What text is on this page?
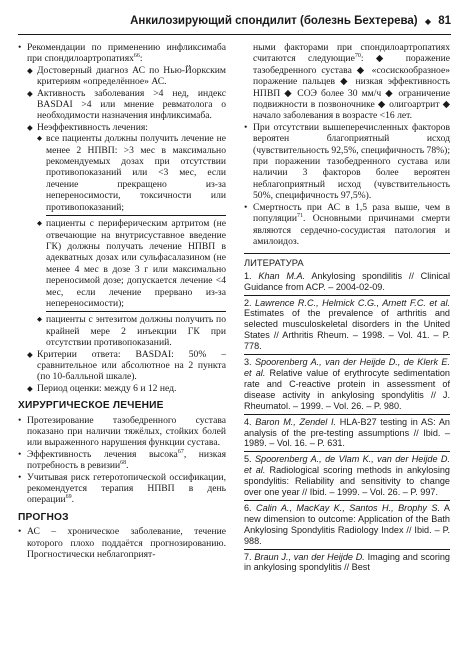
Анкилозирующий спондилит (болезнь Бехтерева) ◆ 81
• Рекомендации по применению инфликсимаба при спондилоартропатиях$^{66}$:
◆ Достоверный диагноз АС по Нью-Йоркским критериям «определённое» АС.
◆ Активность заболевания >4 нед, индекс BASDAI >4 или мнение ревматолога о необходимости назначения инфликсимаба.
◆ Неэффективность лечения:
◆ все пациенты должны получить лечение не менее 2 НПВП: >3 мес в максимально рекомендуемых дозах при отсутствии противопоказаний или <3 мес, если лечение прекращено из-за непереносимости, токсичности или противопоказаний;
◆ пациенты с периферическим артритом (не отвечающие на внутрисуставное введение ГК) должны получать лечение НПВП в адекватных дозах или сульфасалазином (не менее 4 мес в дозе 3 г или максимально переносимой дозе; допускается лечение <4 мес, если лечение прервано из-за непереносимости);
◆ пациенты с энтезитом должны получить по крайней мере 2 инъекции ГК при отсутствии противопоказаний.
◆ Критерии ответа: BASDAI: 50% – сравнительное или абсолютное на 2 пункта (по 10-балльной шкале).
◆ Период оценки: между 6 и 12 нед.
ХИРУРГИЧЕСКОЕ ЛЕЧЕНИЕ
• Протезирование тазобедренного сустава показано при наличии тяжёлых, стойких болей или выраженного нарушения функции сустава.
• Эффективность лечения высока$^{67}$, низкая потребность в ревизии$^{68}$.
• Учитывая риск гетеротопической оссификации, рекомендуется терапия НПВП в день операции$^{69}$.
ПРОГНОЗ
• АС – хроническое заболевание, течение которого плохо поддаётся прогнозированию. Прогностически неблагоприят-
ными факторами при спондилоартропатиях считаются следующие$^{70}$: ◆ поражение тазобедренного сустава ◆ «сосискообразное» поражение пальцев ◆ низкая эффективность НПВП ◆ СОЭ более 30 мм/ч ◆ ограничение подвижности в позвоночнике ◆ олигоартрит ◆ начало заболевания в возрасте <16 лет.
• При отсутствии вышеперечисленных факторов вероятен благоприятный исход (чувствительность 92,5%, специфичность 78%); при поражении тазобедренного сустава или наличии 3 факторов более вероятен неблагоприятный исход (чувствительность 50%, специфичность 97,5%).
• Смертность при АС в 1,5 раза выше, чем в популяции$^{71}$. Основными причинами смерти являются сердечно-сосудистая патология и амилоидоз.
ЛИТЕРАТУРА
1. Khan M.A. Ankylosing spondilitis // Clinical Guidance from ACP. – 2004-02-09.
2. Lawrence R.C., Helmick C.G., Arnett F.C. et al. Estimates of the prevalence of arthritis and selected musculoskeletal disorders in the United States // Arthritis Rheum. – 1998. – Vol. 41. – P. 778.
3. Spoorenberg A., van der Heijde D., de Klerk E. et al. Relative value of erythrocyte sedimentation rate and C-reactive protein in assessment of disease activity in ankylosing spondylitis // J. Rheumatol. – 1999. – Vol. 26. – P. 980.
4. Baron M., Zendel I. HLA-B27 testing in AS: An analysis of the pre-testing assumptions // Ibid. – 1989. – Vol. 16. – P. 631.
5. Spoorenberg A., de Vlam K., van der Heijde D. et al. Radiological scoring methods in ankylosing spondylitis: Reliability and sensitivity to change over one year // Ibid. – 1999. – Vol. 26. – P. 997.
6. Calin A., MacKay K., Santos H., Brophy S. A new dimension to outcome: Application of the Bath Ankylosing Spondylitis Radiology Index // Ibid. – P. 988.
7. Braun J., van der Heijde D. Imaging and scoring in ankylosing spondylitis // Best
